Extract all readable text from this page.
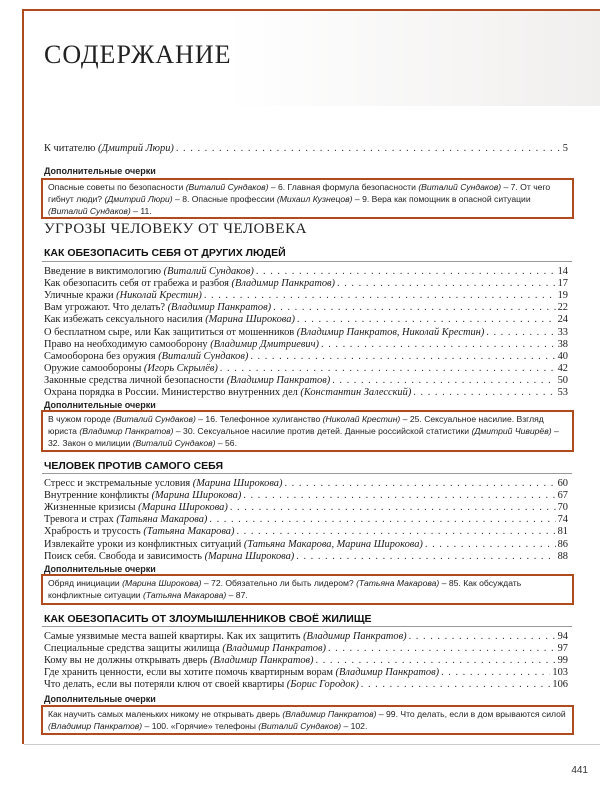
СОДЕРЖАНИЕ
К читателю (Дмитрий Люри) . . .	5
Дополнительные очерки
Опасные советы по безопасности (Виталий Сундаков) – 6. Главная формула безопасности (Виталий Сундаков) – 7. От чего гибнут люди? (Дмитрий Люри) – 8. Опасные профессии (Михаил Кузнецов) – 9. Вера как помощник в опасной ситуации (Виталий Сундаков) – 11.
УГРОЗЫ ЧЕЛОВЕКУ ОТ ЧЕЛОВЕКА
КАК ОБЕЗОПАСИТЬ СЕБЯ ОТ ДРУГИХ ЛЮДЕЙ
Введение в виктимологию (Виталий Сундаков) . . .	14
Как обезопасить себя от грабежа и разбоя (Владимир Панкратов) . . .	17
Уличные кражи (Николай Крестин) . . .	19
Вам угрожают. Что делать? (Владимир Панкратов) . . .	22
Как избежать сексуального насилия (Марина Широкова) . . .	24
О бесплатном сыре, или Как защититься от мошенников (Владимир Панкратов, Николай Крестин) . . .	33
Право на необходимую самооборону (Владимир Дмитриевич) . . .	38
Самооборона без оружия (Виталий Сундаков) . . .	40
Оружие самообороны (Игорь Скрылёв) . . .	42
Законные средства личной безопасности (Владимир Панкратов) . . .	50
Охрана порядка в России. Министерство внутренних дел (Константин Залесский) . . .	53
Дополнительные очерки
В чужом городе (Виталий Сундаков) – 16. Телефонное хулиганство (Николай Крестин) – 25. Сексуальное насилие. Взгляд юриста (Владимир Панкратов) – 30. Сексуальное насилие против детей. Данные российской статистики (Дмитрий Чивирёв) – 32. Закон о милиции (Виталий Сундаков) – 56.
ЧЕЛОВЕК ПРОТИВ САМОГО СЕБЯ
Стресс и экстремальные условия (Марина Широкова) . . .	60
Внутренние конфликты (Марина Широкова) . . .	67
Жизненные кризисы (Марина Широкова) . . .	70
Тревога и страх (Татьяна Макарова) . . .	74
Храбрость и трусость (Татьяна Макарова) . . .	81
Извлекайте уроки из конфликтных ситуаций (Татьяна Макарова, Марина Широкова) . . .	86
Поиск себя. Свобода и зависимость (Марина Широкова) . . .	88
Дополнительные очерки
Обряд инициации (Марина Широкова) – 72. Обязательно ли быть лидером? (Татьяна Макарова) – 85. Как обсуждать конфликтные ситуации (Татьяна Макарова) – 87.
КАК ОБЕЗОПАСИТЬ ОТ ЗЛОУМЫШЛЕННИКОВ СВОЁ ЖИЛИЩЕ
Самые уязвимые места вашей квартиры. Как их защитить (Владимир Панкратов) . . .	94
Специальные средства защиты жилища (Владимир Панкратов) . . .	97
Кому вы не должны открывать дверь (Владимир Панкратов) . . .	99
Где хранить ценности, если вы хотите помочь квартирным ворам (Владимир Панкратов) . . .	103
Что делать, если вы потеряли ключ от своей квартиры (Борис Городок) . . .	106
Дополнительные очерки
Как научить самых маленьких никому не открывать дверь (Владимир Панкратов) – 99. Что делать, если в дом врываются силой (Владимир Панкратов) – 100. «Горячие» телефоны (Виталий Сундаков) – 102.
441
